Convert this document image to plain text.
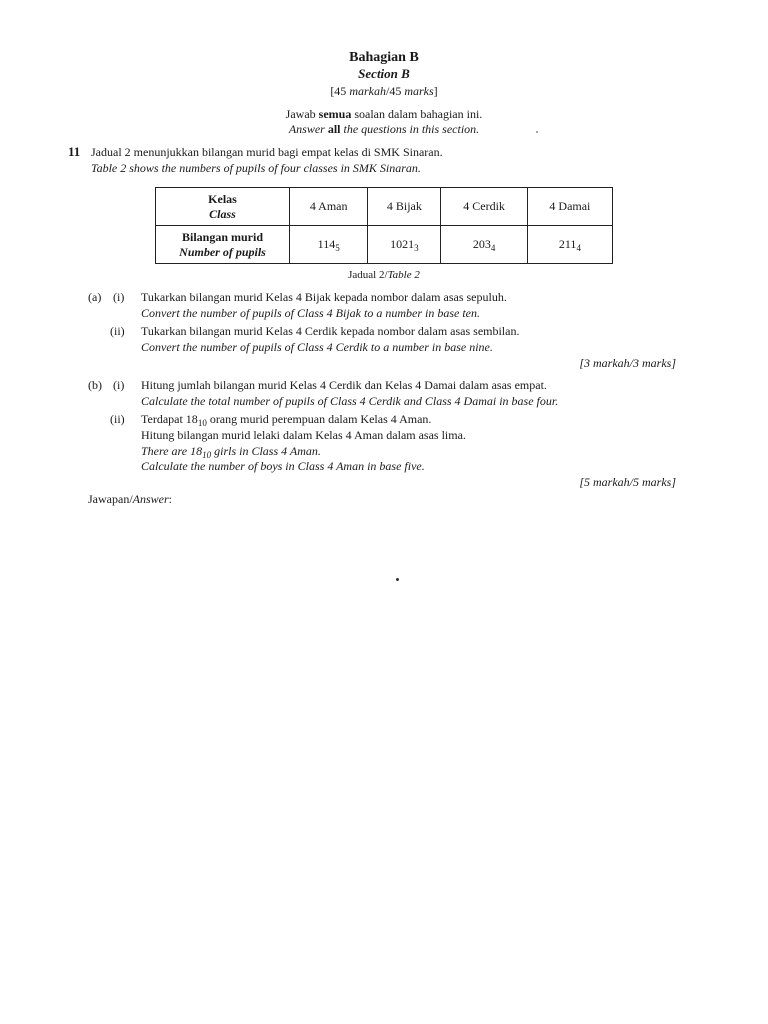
Bahagian B
Section B
[45 markah/45 marks]
Jawab semua soalan dalam bahagian ini.
Answer all the questions in this section.
11 Jadual 2 menunjukkan bilangan murid bagi empat kelas di SMK Sinaran.
Table 2 shows the numbers of pupils of four classes in SMK Sinaran.
Kelas
Class	4 Aman	4 Bijak	4 Cerdik	4 Damai

Bilangan murid
Number of pupils	$114_5$	$1021_3$	$203_4$	$211_4$
Jadual 2/Table 2
(a) (i) Tukarkan bilangan murid Kelas 4 Bijak kepada nombor dalam asas sepuluh.
Convert the number of pupils of Class 4 Bijak to a number in base ten.
(ii) Tukarkan bilangan murid Kelas 4 Cerdik kepada nombor dalam asas sembilan.
Convert the number of pupils of Class 4 Cerdik to a number in base nine.
[3 markah/3 marks]
(b) (i) Hitung jumlah bilangan murid Kelas 4 Cerdik dan Kelas 4 Damai dalam asas empat.
Calculate the total number of pupils of Class 4 Cerdik and Class 4 Damai in base four.
(ii) Terdapat $18_{10}$ orang murid perempuan dalam Kelas 4 Aman.
Hitung bilangan murid lelaki dalam Kelas 4 Aman dalam asas lima.
There are $18_{10}$ girls in Class 4 Aman.
Calculate the number of boys in Class 4 Aman in base five.
[5 markah/5 marks]
Jawapan/Answer:
